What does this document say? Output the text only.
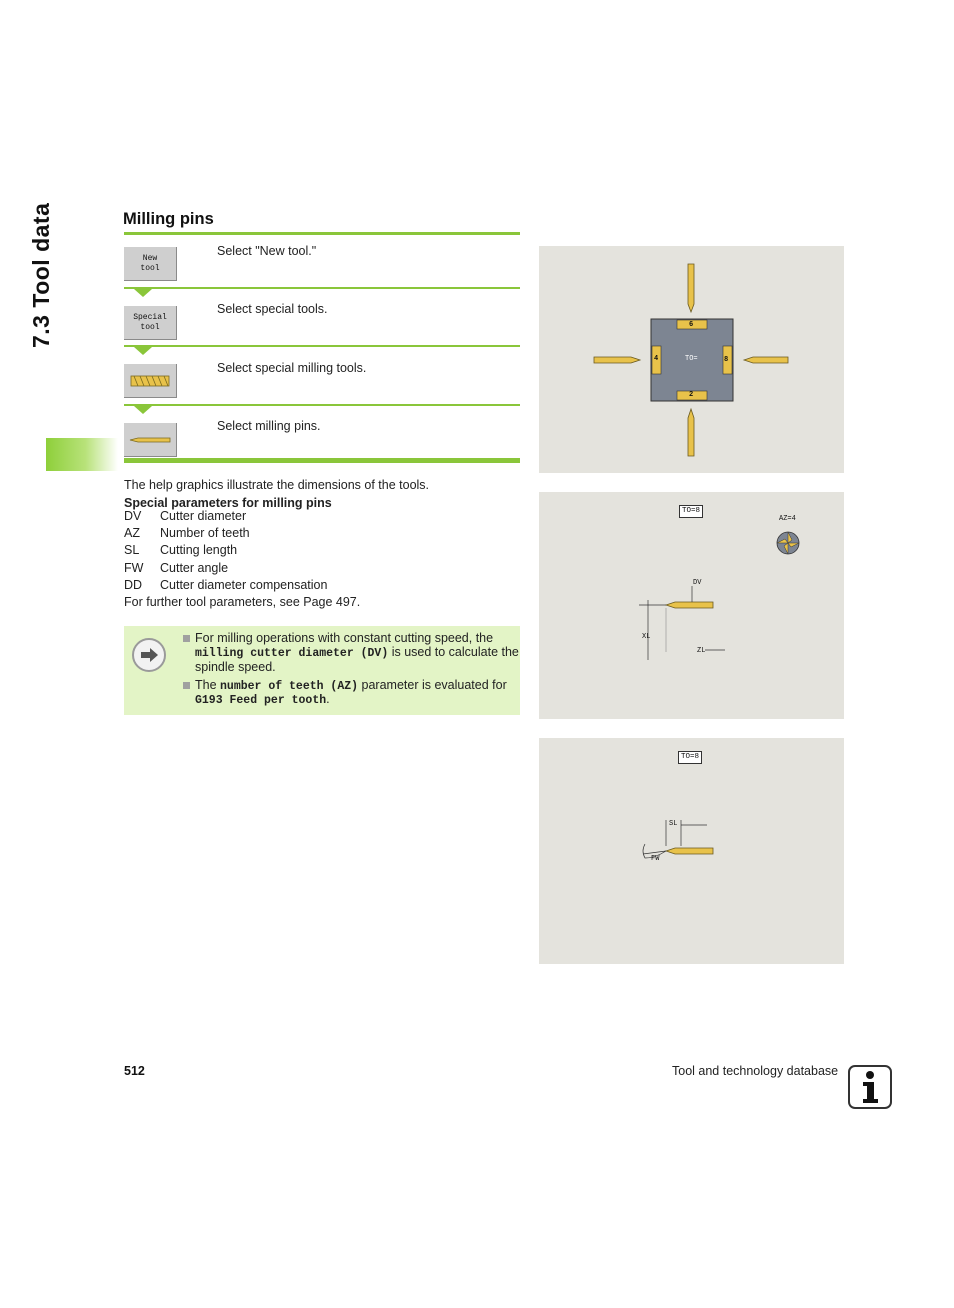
7.3 Tool data	Milling pins
New
tool
Select "New tool."
Special
tool
Select special tools.
Select special milling tools.
Select milling pins.
The help graphics illustrate the dimensions of the tools.
Special parameters for milling pins
DV Cutter diameter
AZ Number of teeth
SL Cutting length
FW Cutter angle
DD Cutter diameter compensation
For further tool parameters, see Page 497.
For milling operations with constant cutting speed, the
milling cutter diameter (DV) is used to calculate the
spindle speed.
The number of teeth (AZ) parameter is evaluated for
G193 Feed per tooth.
6
4	TO=	8
2
TO=8
AZ=4
DV
XL
ZL
TO=8
SL
FW
512	Tool and technology database
